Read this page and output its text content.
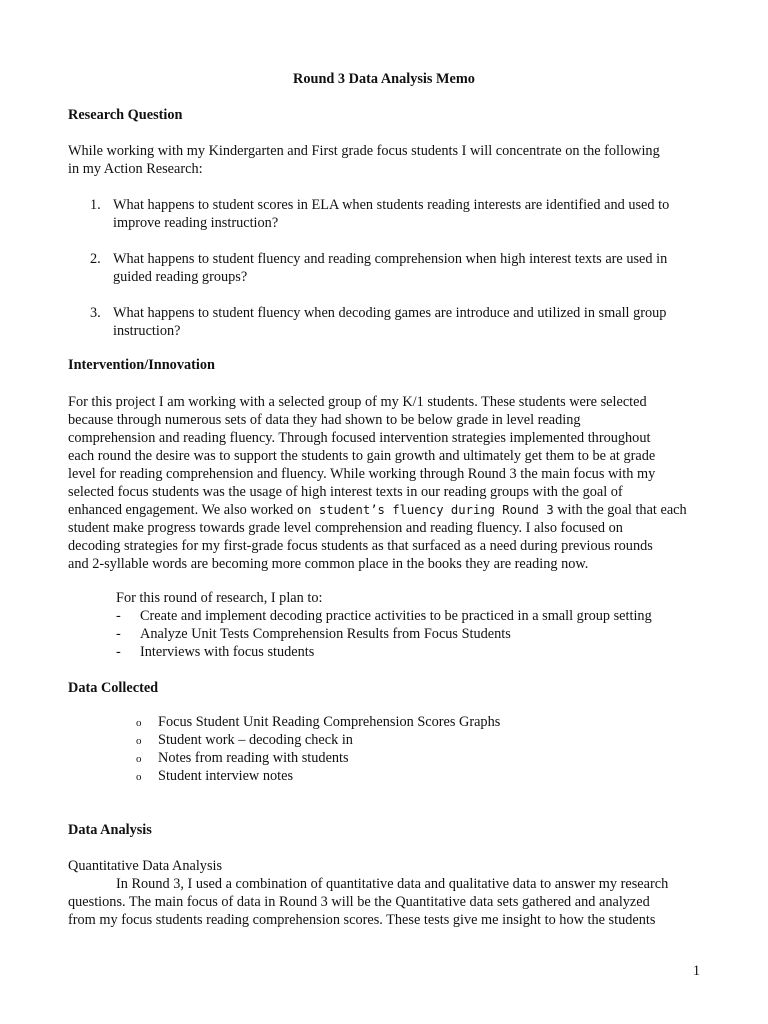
Round 3 Data Analysis Memo
Research Question
While working with my Kindergarten and First grade focus students I will concentrate on the following
in my Action Research:
1. What happens to student scores in ELA when students reading interests are identified and used to
improve reading instruction?
2. What happens to student fluency and reading comprehension when high interest texts are used in
guided reading groups?
3. What happens to student fluency when decoding games are introduce and utilized in small group
instruction?
Intervention/Innovation
For this project I am working with a selected group of my K/1 students. These students were selected
because through numerous sets of data they had shown to be below grade in level reading
comprehension and reading fluency. Through focused intervention strategies implemented throughout
each round the desire was to support the students to gain growth and ultimately get them to be at grade
level for reading comprehension and fluency. While working through Round 3 the main focus with my
selected focus students was the usage of high interest texts in our reading groups with the goal of
enhanced engagement. We also worked on student’s fluency during Round 3 with the goal that each
student make progress towards grade level comprehension and reading fluency. I also focused on
decoding strategies for my first-grade focus students as that surfaced as a need during previous rounds
and 2-syllable words are becoming more common place in the books they are reading now.
For this round of research, I plan to:
- Create and implement decoding practice activities to be practiced in a small group setting
- Analyze Unit Tests Comprehension Results from Focus Students
- Interviews with focus students
Data Collected
o Focus Student Unit Reading Comprehension Scores Graphs
o Student work – decoding check in
o Notes from reading with students
o Student interview notes
Data Analysis
Quantitative Data Analysis
In Round 3, I used a combination of quantitative data and qualitative data to answer my research
questions. The main focus of data in Round 3 will be the Quantitative data sets gathered and analyzed
from my focus students reading comprehension scores. These tests give me insight to how the students
1
